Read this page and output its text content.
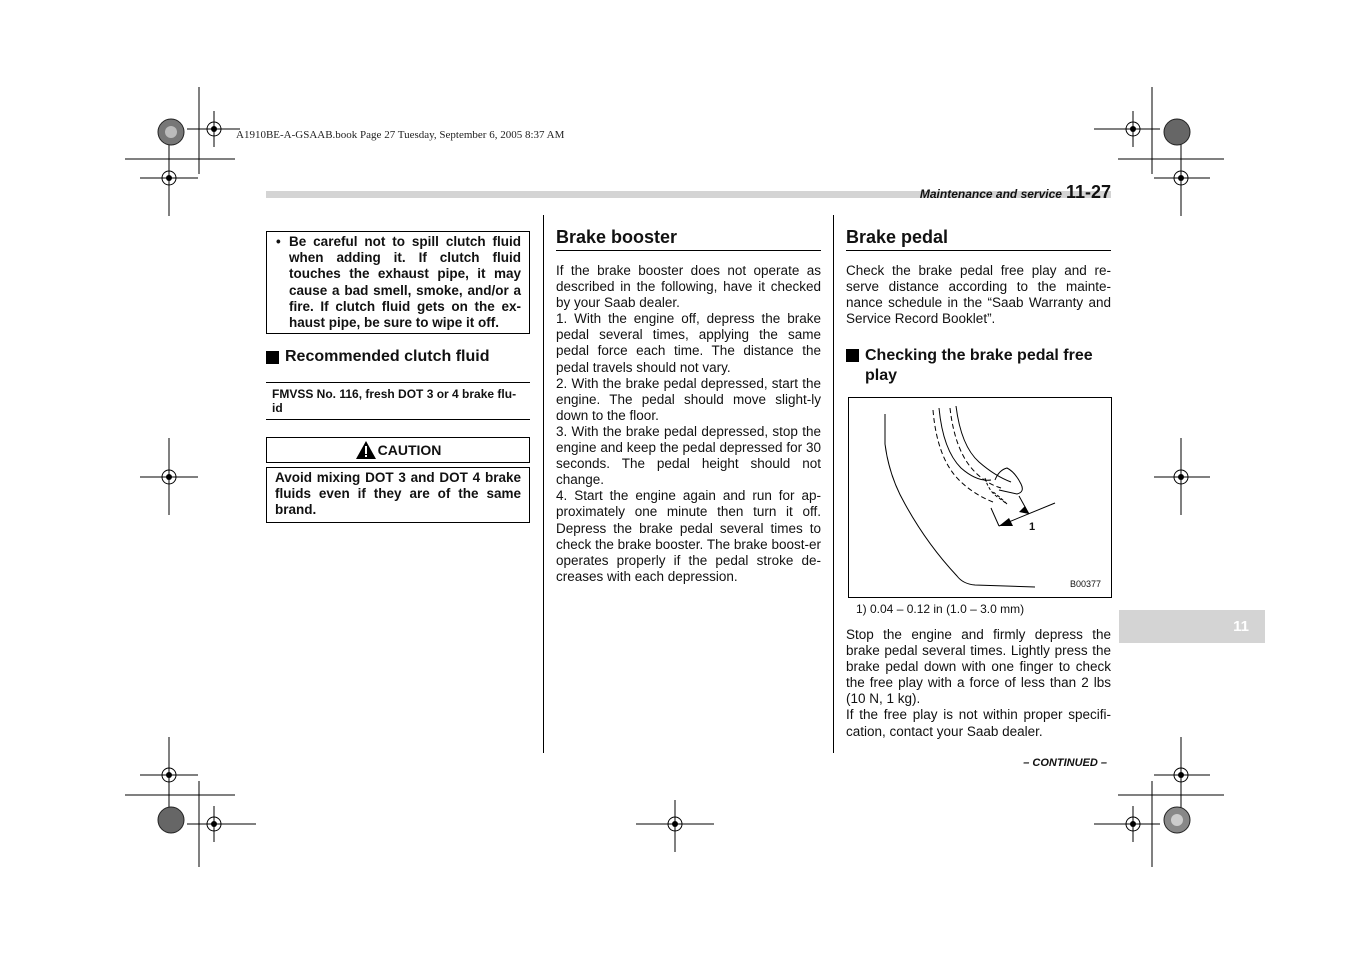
A1910BE-A-GSAAB.book Page 27 Tuesday, September 6, 2005 8:37 AM
Maintenance and service 11-27
• Be careful not to spill clutch fluid when adding it. If clutch fluid touches the exhaust pipe, it may cause a bad smell, smoke, and/or a fire. If clutch fluid gets on the ex-haust pipe, be sure to wipe it off.
Recommended clutch fluid
FMVSS No. 116, fresh DOT 3 or 4 brake flu-id
CAUTION
Avoid mixing DOT 3 and DOT 4 brake fluids even if they are of the same brand.
Brake booster
If the brake booster does not operate as described in the following, have it checked by your Saab dealer.
1. With the engine off, depress the brake pedal several times, applying the same pedal force each time. The distance the pedal travels should not vary.
2. With the brake pedal depressed, start the engine. The pedal should move slight-ly down to the floor.
3. With the brake pedal depressed, stop the engine and keep the pedal depressed for 30 seconds. The pedal height should not change.
4. Start the engine again and run for ap-proximately one minute then turn it off. Depress the brake pedal several times to check the brake booster. The brake boost-er operates properly if the pedal stroke de-creases with each depression.
Brake pedal
Check the brake pedal free play and re-serve distance according to the mainte-nance schedule in the “Saab Warranty and Service Record Booklet”.
Checking the brake pedal free play
1
B00377
1) 0.04 – 0.12 in (1.0 – 3.0 mm)
Stop the engine and firmly depress the brake pedal several times. Lightly press the brake pedal down with one finger to check the free play with a force of less than 2 lbs (10 N, 1 kg).
If the free play is not within proper specifi-cation, contact your Saab dealer.
11
– CONTINUED –
